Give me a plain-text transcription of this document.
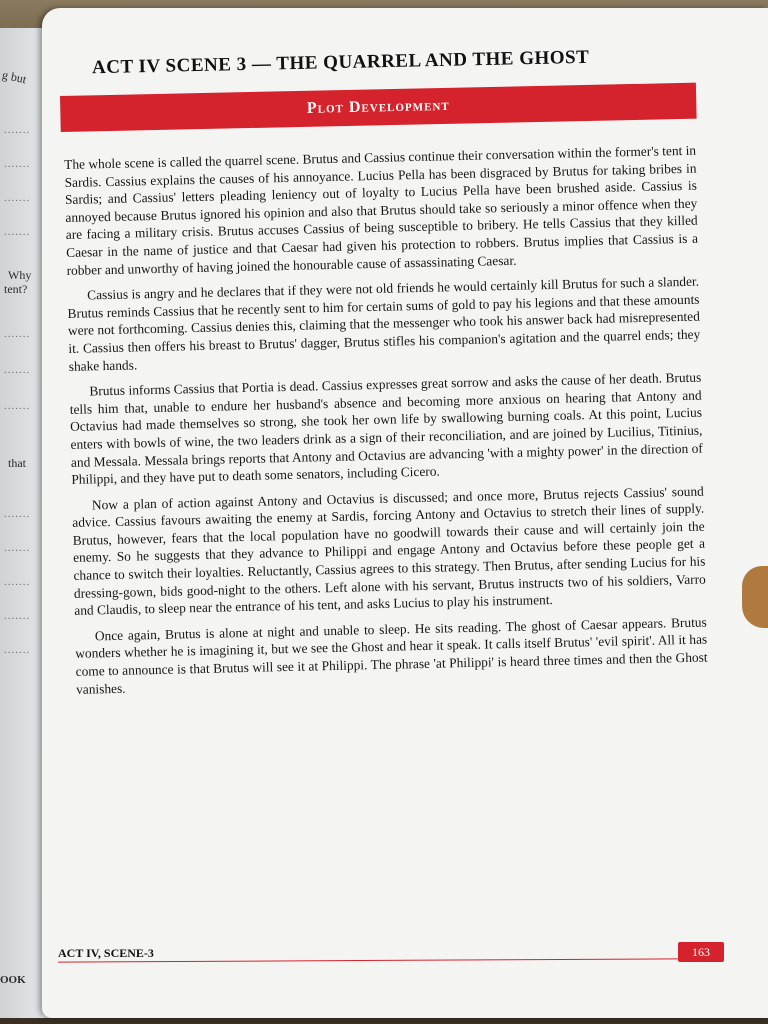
g but
.......
.......
.......
.......
Why
tent?
.......
.......
.......
that
.......
.......
.......
.......
.......
OOK
ACT IV SCENE 3 — THE QUARREL AND THE GHOST
Plot Development

The whole scene is called the quarrel scene. Brutus and Cassius continue their conversation within the former's tent in Sardis. Cassius explains the causes of his annoyance. Lucius Pella has been disgraced by Brutus for taking bribes in Sardis; and Cassius' letters pleading leniency out of loyalty to Lucius Pella have been brushed aside. Cassius is annoyed because Brutus ignored his opinion and also that Brutus should take so seriously a minor offence when they are facing a military crisis. Brutus accuses Cassius of being susceptible to bribery. He tells Cassius that they killed Caesar in the name of justice and that Caesar had given his protection to robbers. Brutus implies that Cassius is a robber and unworthy of having joined the honourable cause of assassinating Caesar.

Cassius is angry and he declares that if they were not old friends he would certainly kill Brutus for such a slander. Brutus reminds Cassius that he recently sent to him for certain sums of gold to pay his legions and that these amounts were not forthcoming. Cassius denies this, claiming that the messenger who took his answer back had misrepresented it. Cassius then offers his breast to Brutus' dagger, Brutus stifles his companion's agitation and the quarrel ends; they shake hands.

Brutus informs Cassius that Portia is dead. Cassius expresses great sorrow and asks the cause of her death. Brutus tells him that, unable to endure her husband's absence and becoming more anxious on hearing that Antony and Octavius had made themselves so strong, she took her own life by swallowing burning coals. At this point, Lucius enters with bowls of wine, the two leaders drink as a sign of their reconciliation, and are joined by Lucilius, Titinius, and Messala. Messala brings reports that Antony and Octavius are advancing 'with a mighty power' in the direction of Philippi, and they have put to death some senators, including Cicero.

Now a plan of action against Antony and Octavius is discussed; and once more, Brutus rejects Cassius' sound advice. Cassius favours awaiting the enemy at Sardis, forcing Antony and Octavius to stretch their lines of supply. Brutus, however, fears that the local population have no goodwill towards their cause and will certainly join the enemy. So he suggests that they advance to Philippi and engage Antony and Octavius before these people get a chance to switch their loyalties. Reluctantly, Cassius agrees to this strategy. Then Brutus, after sending Lucius for his dressing-gown, bids good-night to the others. Left alone with his servant, Brutus instructs two of his soldiers, Varro and Claudis, to sleep near the entrance of his tent, and asks Lucius to play his instrument.

Once again, Brutus is alone at night and unable to sleep. He sits reading. The ghost of Caesar appears. Brutus wonders whether he is imagining it, but we see the Ghost and hear it speak. It calls itself Brutus' 'evil spirit'. All it has come to announce is that Brutus will see it at Philippi. The phrase 'at Philippi' is heard three times and then the Ghost vanishes.

ACT IV, SCENE-3	163
